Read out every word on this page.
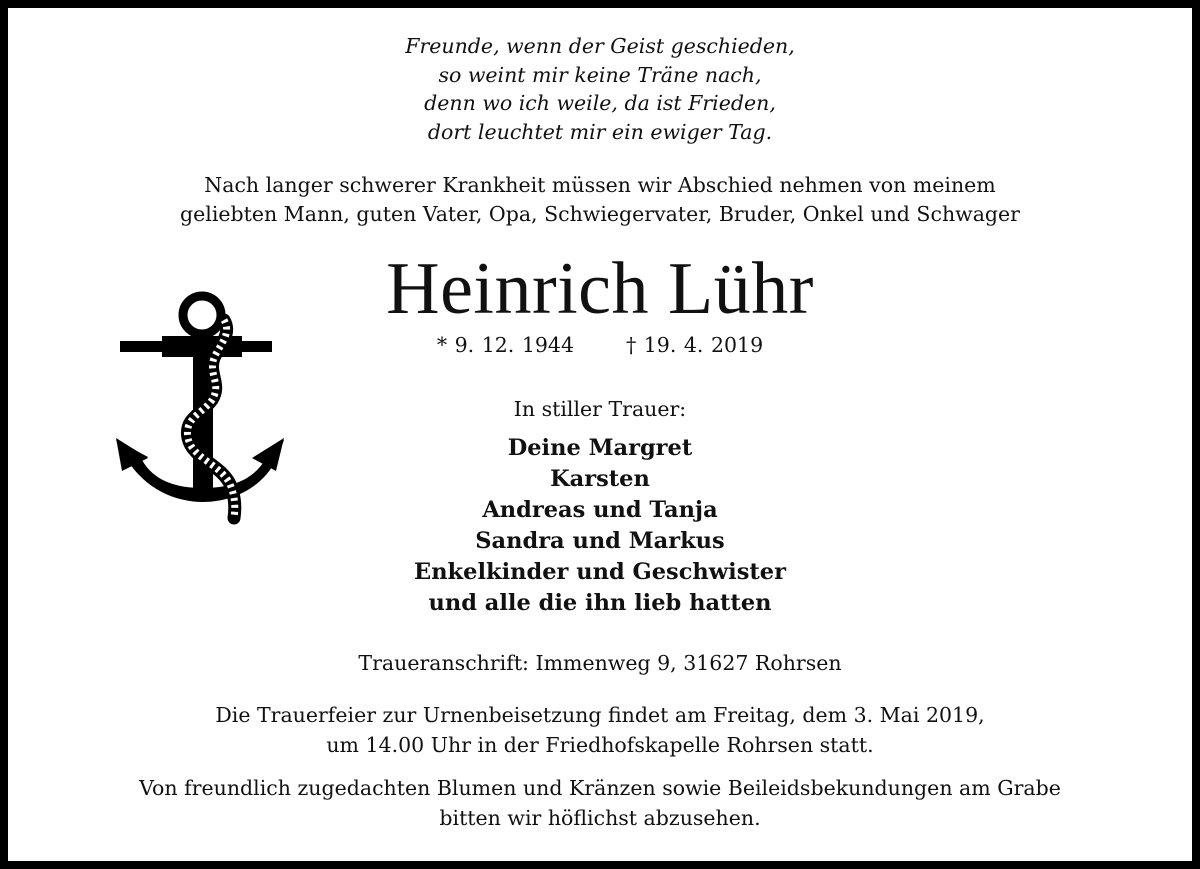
Freunde, wenn der Geist geschieden,
so weint mir keine Träne nach,
denn wo ich weile, da ist Frieden,
dort leuchtet mir ein ewiger Tag.
Nach langer schwerer Krankheit müssen wir Abschied nehmen von meinem
geliebten Mann, guten Vater, Opa, Schwiegervater, Bruder, Onkel und Schwager
Heinrich Lühr
* 9. 12. 1944	† 19. 4. 2019
In stiller Trauer:
Deine Margret
Karsten
Andreas und Tanja
Sandra und Markus
Enkelkinder und Geschwister
und alle die ihn lieb hatten
Traueranschrift: Immenweg 9, 31627 Rohrsen
Die Trauerfeier zur Urnenbeisetzung findet am Freitag, dem 3. Mai 2019,
um 14.00 Uhr in der Friedhofskapelle Rohrsen statt.
Von freundlich zugedachten Blumen und Kränzen sowie Beileidsbekundungen am Grabe
bitten wir höflichst abzusehen.
